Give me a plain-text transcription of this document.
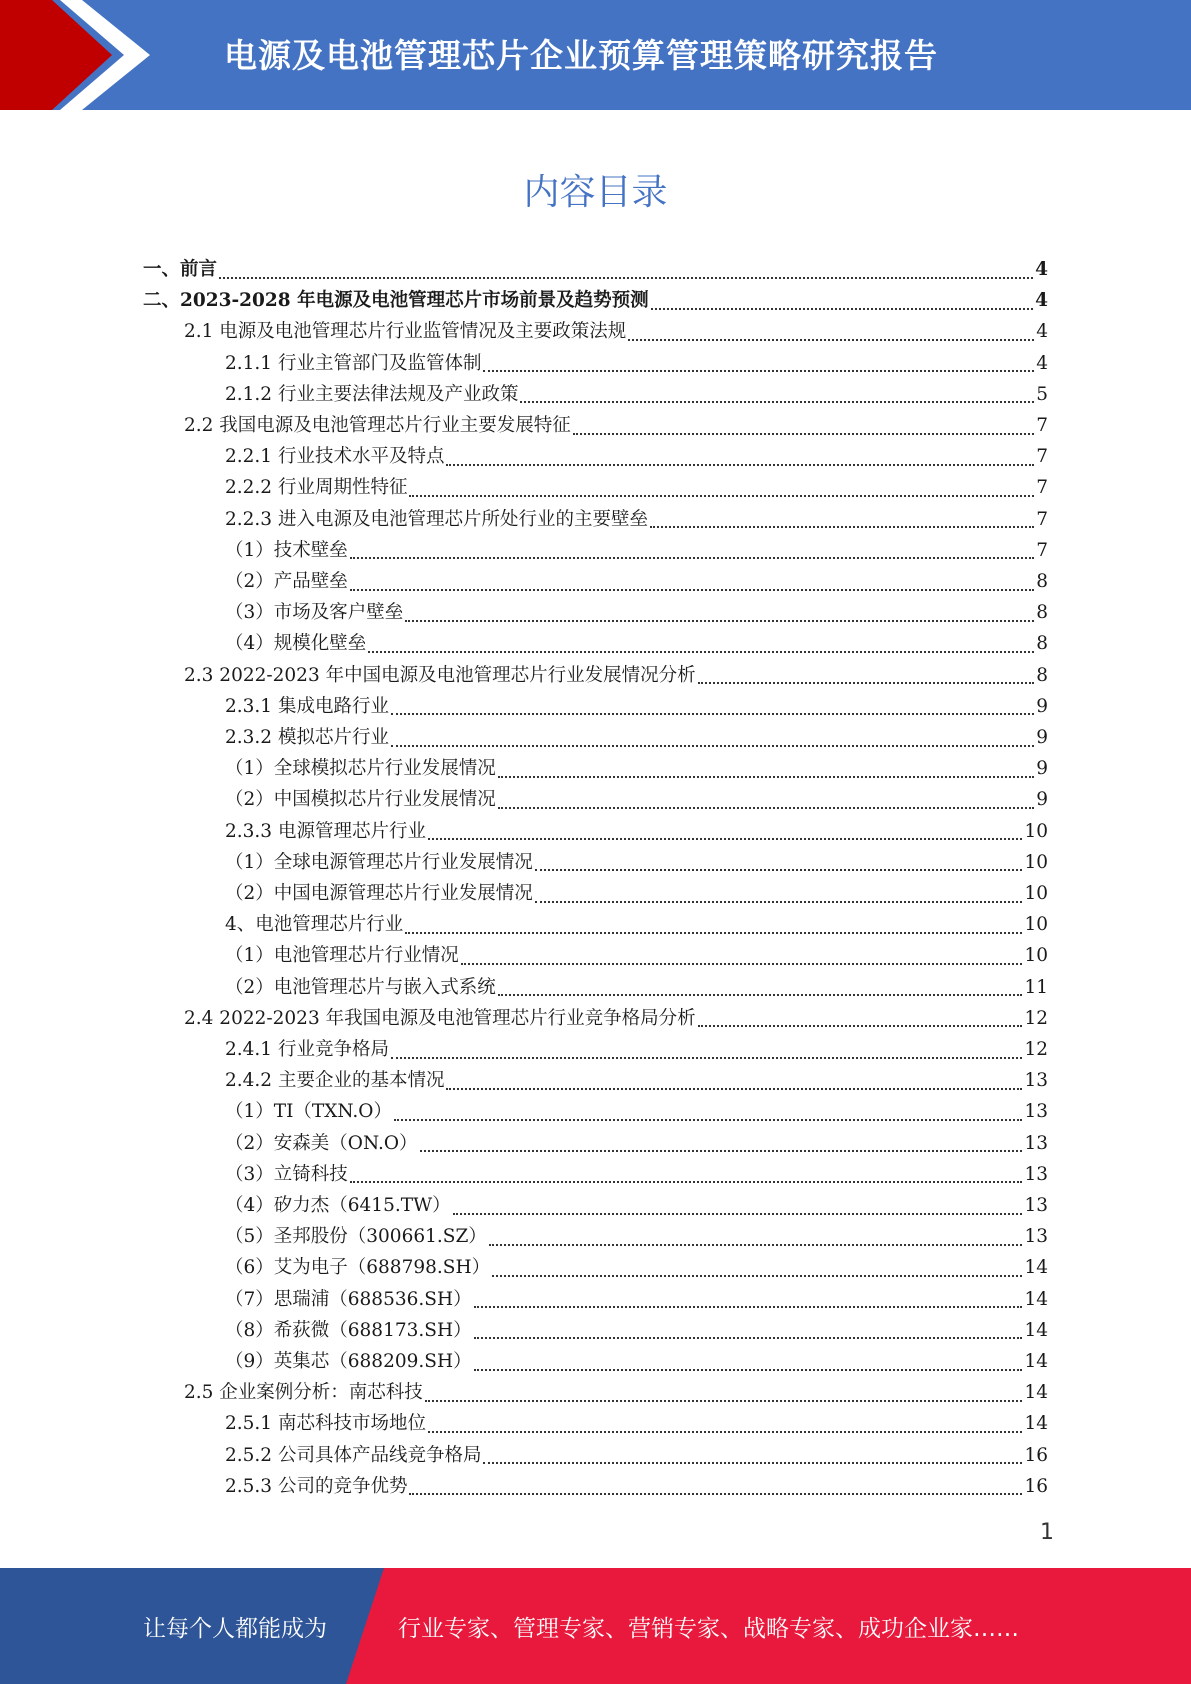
电源及电池管理芯片企业预算管理策略研究报告
内容目录
一、前言	4
二、2023-2028 年电源及电池管理芯片市场前景及趋势预测	4
2.1 电源及电池管理芯片行业监管情况及主要政策法规	4
2.1.1 行业主管部门及监管体制	4
2.1.2 行业主要法律法规及产业政策	5
2.2 我国电源及电池管理芯片行业主要发展特征	7
2.2.1 行业技术水平及特点	7
2.2.2 行业周期性特征	7
2.2.3 进入电源及电池管理芯片所处行业的主要壁垒	7
（1）技术壁垒	7
（2）产品壁垒	8
（3）市场及客户壁垒	8
（4）规模化壁垒	8
2.3 2022-2023 年中国电源及电池管理芯片行业发展情况分析	8
2.3.1 集成电路行业	9
2.3.2 模拟芯片行业	9
（1）全球模拟芯片行业发展情况	9
（2）中国模拟芯片行业发展情况	9
2.3.3 电源管理芯片行业	10
（1）全球电源管理芯片行业发展情况	10
（2）中国电源管理芯片行业发展情况	10
4、电池管理芯片行业	10
（1）电池管理芯片行业情况	10
（2）电池管理芯片与嵌入式系统	11
2.4 2022-2023 年我国电源及电池管理芯片行业竞争格局分析	12
2.4.1 行业竞争格局	12
2.4.2 主要企业的基本情况	13
（1）TI（TXN.O）	13
（2）安森美（ON.O）	13
（3）立锜科技	13
（4）矽力杰（6415.TW）	13
（5）圣邦股份（300661.SZ）	13
（6）艾为电子（688798.SH）	14
（7）思瑞浦（688536.SH）	14
（8）希荻微（688173.SH）	14
（9）英集芯（688209.SH）	14
2.5 企业案例分析：南芯科技	14
2.5.1 南芯科技市场地位	14
2.5.2 公司具体产品线竞争格局	16
2.5.3 公司的竞争优势	16
1
让每个人都能成为	行业专家、管理专家、营销专家、战略专家、成功企业家……
